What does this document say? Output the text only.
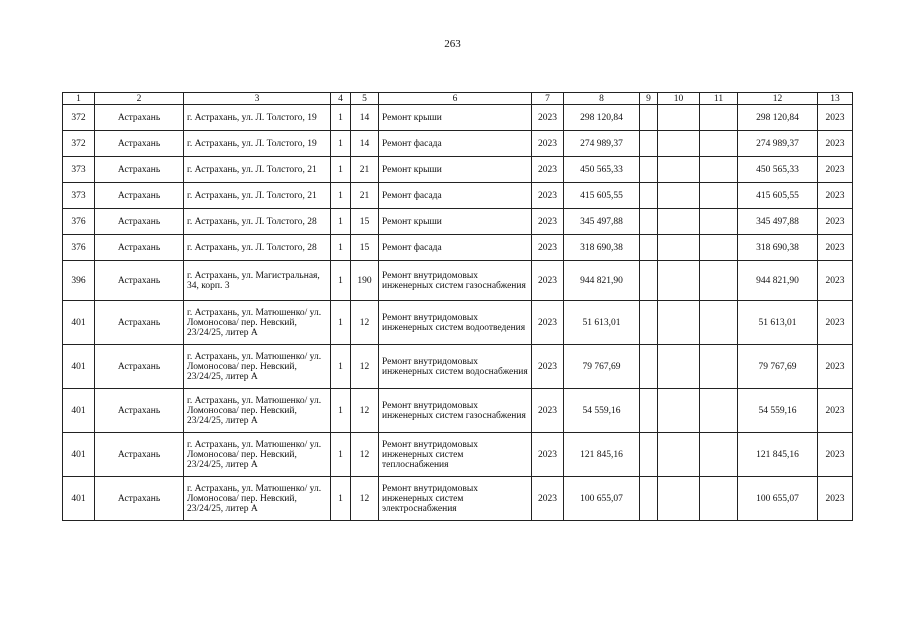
263
1	2	3	4	5	6	7	8	9	10	11	12	13
372	Астрахань	г. Астрахань, ул. Л. Толстого, 19	1	14	Ремонт крыши	2023	298 120,84				298 120,84	2023
372	Астрахань	г. Астрахань, ул. Л. Толстого, 19	1	14	Ремонт фасада	2023	274 989,37				274 989,37	2023
373	Астрахань	г. Астрахань, ул. Л. Толстого, 21	1	21	Ремонт крыши	2023	450 565,33				450 565,33	2023
373	Астрахань	г. Астрахань, ул. Л. Толстого, 21	1	21	Ремонт фасада	2023	415 605,55				415 605,55	2023
376	Астрахань	г. Астрахань, ул. Л. Толстого, 28	1	15	Ремонт крыши	2023	345 497,88				345 497,88	2023
376	Астрахань	г. Астрахань, ул. Л. Толстого, 28	1	15	Ремонт фасада	2023	318 690,38				318 690,38	2023
396	Астрахань	г. Астрахань, ул. Магистральная, 34, корп. 3	1	190	Ремонт внутридомовых инженерных систем газоснабжения	2023	944 821,90				944 821,90	2023
401	Астрахань	г. Астрахань, ул. Матюшенко/ ул. Ломоносова/ пер. Невский, 23/24/25, литер А	1	12	Ремонт внутридомовых инженерных систем водоотведения	2023	51 613,01				51 613,01	2023
401	Астрахань	г. Астрахань, ул. Матюшенко/ ул. Ломоносова/ пер. Невский, 23/24/25, литер А	1	12	Ремонт внутридомовых инженерных систем водоснабжения	2023	79 767,69				79 767,69	2023
401	Астрахань	г. Астрахань, ул. Матюшенко/ ул. Ломоносова/ пер. Невский, 23/24/25, литер А	1	12	Ремонт внутридомовых инженерных систем газоснабжения	2023	54 559,16				54 559,16	2023
401	Астрахань	г. Астрахань, ул. Матюшенко/ ул. Ломоносова/ пер. Невский, 23/24/25, литер А	1	12	Ремонт внутридомовых инженерных систем теплоснабжения	2023	121 845,16				121 845,16	2023
401	Астрахань	г. Астрахань, ул. Матюшенко/ ул. Ломоносова/ пер. Невский, 23/24/25, литер А	1	12	Ремонт внутридомовых инженерных систем электроснабжения	2023	100 655,07				100 655,07	2023
